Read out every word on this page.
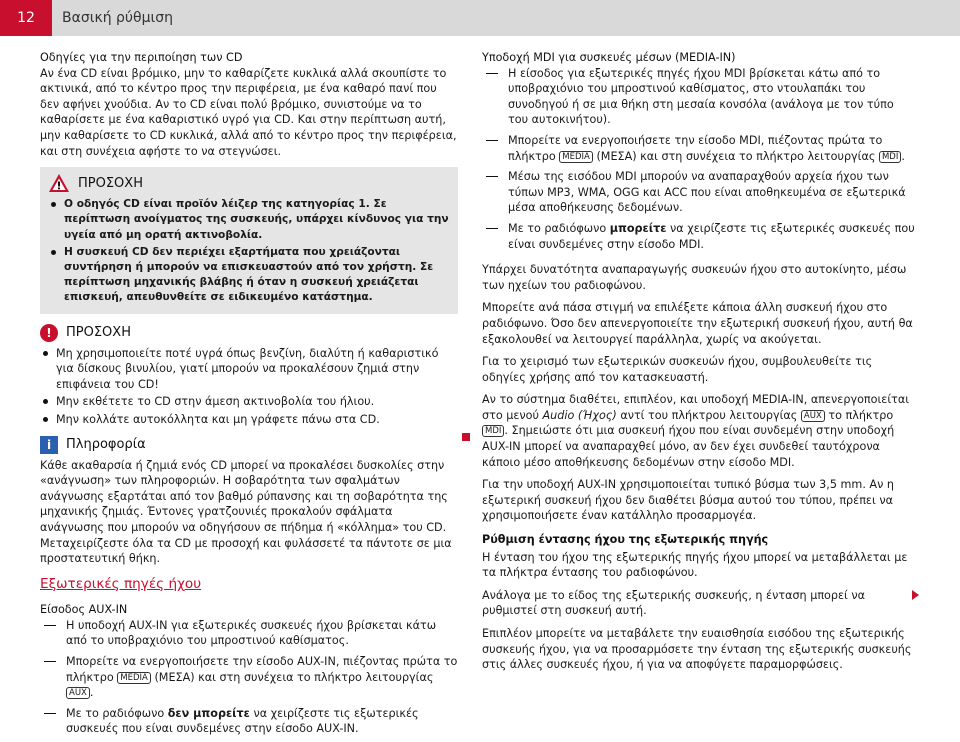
12	Βασική ρύθμιση
Οδηγίες για την περιποίηση των CD

Αν ένα CD είναι βρόμικο, μην το καθαρίζετε κυκλικά αλλά σκουπίστε το ακτινικά, από το κέντρο προς την περιφέρεια, με ένα καθαρό πανί που δεν αφήνει χνούδια. Αν το CD είναι πολύ βρόμικο, συνιστούμε να το καθαρίσετε με ένα καθαριστικό υγρό για CD. Και στην περίπτωση αυτή, μην καθαρίσετε το CD κυκλικά, αλλά από το κέντρο προς την περιφέρεια, και στη συνέχεια αφήστε το να στεγνώσει.

ΠΡΟΣΟΧΗ
Ο οδηγός CD είναι προϊόν λέιζερ της κατηγορίας 1. Σε περίπτωση ανοίγματος της συσκευής, υπάρχει κίνδυνος για την υγεία από μη ορατή ακτινοβολία.
Η συσκευή CD δεν περιέχει εξαρτήματα που χρειάζονται συντήρηση ή μπορούν να επισκευαστούν από τον χρήστη. Σε περίπτωση μηχανικής βλάβης ή όταν η συσκευή χρειάζεται επισκευή, απευθυνθείτε σε ειδικευμένο κατάστημα.
!	ΠΡΟΣΟΧΗ
Μη χρησιμοποιείτε ποτέ υγρά όπως βενζίνη, διαλύτη ή καθαριστικό για δίσκους βινυλίου, γιατί μπορούν να προκαλέσουν ζημιά στην επιφάνεια του CD!
Μην εκθέτετε το CD στην άμεση ακτινοβολία του ήλιου.
Μην κολλάτε αυτοκόλλητα και μη γράφετε πάνω στα CD.
i	Πληροφορία
Κάθε ακαθαρσία ή ζημιά ενός CD μπορεί να προκαλέσει δυσκολίες στην «ανάγνωση» των πληροφοριών. Η σοβαρότητα των σφαλμάτων ανάγνωσης εξαρτάται από τον βαθμό ρύπανσης και τη σοβαρότητα της μηχανικής ζημιάς. Έντονες γρατζουνιές προκαλούν σφάλματα ανάγνωσης που μπορούν να οδηγήσουν σε πήδημα ή «κόλλημα» του CD. Μεταχειρίζεστε όλα τα CD με προσοχή και φυλάσσετέ τα πάντοτε σε μια προστατευτική θήκη.
Εξωτερικές πηγές ήχου
Είσοδος AUX-IN
Η υποδοχή AUX-IN για εξωτερικές συσκευές ήχου βρίσκεται κάτω από το υποβραχιόνιο του μπροστινού καθίσματος.
Μπορείτε να ενεργοποιήσετε την είσοδο AUX-IN, πιέζοντας πρώτα το πλήκτρο MEDIA (ΜΕΣΑ) και στη συνέχεια το πλήκτρο λειτουργίας AUX .
Με το ραδιόφωνο δεν μπορείτε να χειρίζεστε τις εξωτερικές συσκευές που είναι συνδεμένες στην είσοδο AUX-IN.
Υποδοχή MDI για συσκευές μέσων (MEDIA-IN)
Η είσοδος για εξωτερικές πηγές ήχου MDI βρίσκεται κάτω από το υποβραχιόνιο του μπροστινού καθίσματος, στο ντουλαπάκι του συνοδηγού ή σε μια θήκη στη μεσαία κονσόλα (ανάλογα με τον τύπο του αυτοκινήτου).
Μπορείτε να ενεργοποιήσετε την είσοδο MDI, πιέζοντας πρώτα το πλήκτρο MEDIA (ΜΕΣΑ) και στη συνέχεια το πλήκτρο λειτουργίας MDI .
Μέσω της εισόδου MDI μπορούν να αναπαραχθούν αρχεία ήχου των τύπων MP3, WMA, OGG και ACC που είναι αποθηκευμένα σε εξωτερικά μέσα αποθήκευσης δεδομένων.
Με το ραδιόφωνο μπορείτε να χειρίζεστε τις εξωτερικές συσκευές που είναι συνδεμένες στην είσοδο MDI.

Υπάρχει δυνατότητα αναπαραγωγής συσκευών ήχου στο αυτοκίνητο, μέσω των ηχείων του ραδιοφώνου.

Μπορείτε ανά πάσα στιγμή να επιλέξετε κάποια άλλη συσκευή ήχου στο ραδιόφωνο. Όσο δεν απενεργοποιείτε την εξωτερική συσκευή ήχου, αυτή θα εξακολουθεί να λειτουργεί παράλληλα, χωρίς να ακούγεται.

Για το χειρισμό των εξωτερικών συσκευών ήχου, συμβουλευθείτε τις οδηγίες χρήσης από τον κατασκευαστή.

Αν το σύστημα διαθέτει, επιπλέον, και υποδοχή MEDIA-IN, απενεργοποιείται στο μενού Audio (Ήχος) αντί του πλήκτρου λειτουργίας AUX το πλήκτρο MDI . Σημειώστε ότι μια συσκευή ήχου που είναι συνδεμένη στην υποδοχή AUX-IN μπορεί να αναπαραχθεί μόνο, αν δεν έχει συνδεθεί ταυτόχρονα κάποιο μέσο αποθήκευσης δεδομένων στην είσοδο MDI.

Για την υποδοχή AUX-IN χρησιμοποιείται τυπικό βύσμα των 3,5 mm. Αν η εξωτερική συσκευή ήχου δεν διαθέτει βύσμα αυτού του τύπου, πρέπει να χρησιμοποιήσετε έναν κατάλληλο προσαρμογέα.

Ρύθμιση έντασης ήχου της εξωτερικής πηγής

Η ένταση του ήχου της εξωτερικής πηγής ήχου μπορεί να μεταβάλλεται με τα πλήκτρα έντασης του ραδιοφώνου.

Ανάλογα με το είδος της εξωτερικής συσκευής, η ένταση μπορεί να ρυθμιστεί στη συσκευή αυτή.

Επιπλέον μπορείτε να μεταβάλετε την ευαισθησία εισόδου της εξωτερικής συσκευής ήχου, για να προσαρμόσετε την ένταση της εξωτερικής συσκευής στις άλλες συσκευές ήχου, ή για να αποφύγετε παραμορφώσεις.
